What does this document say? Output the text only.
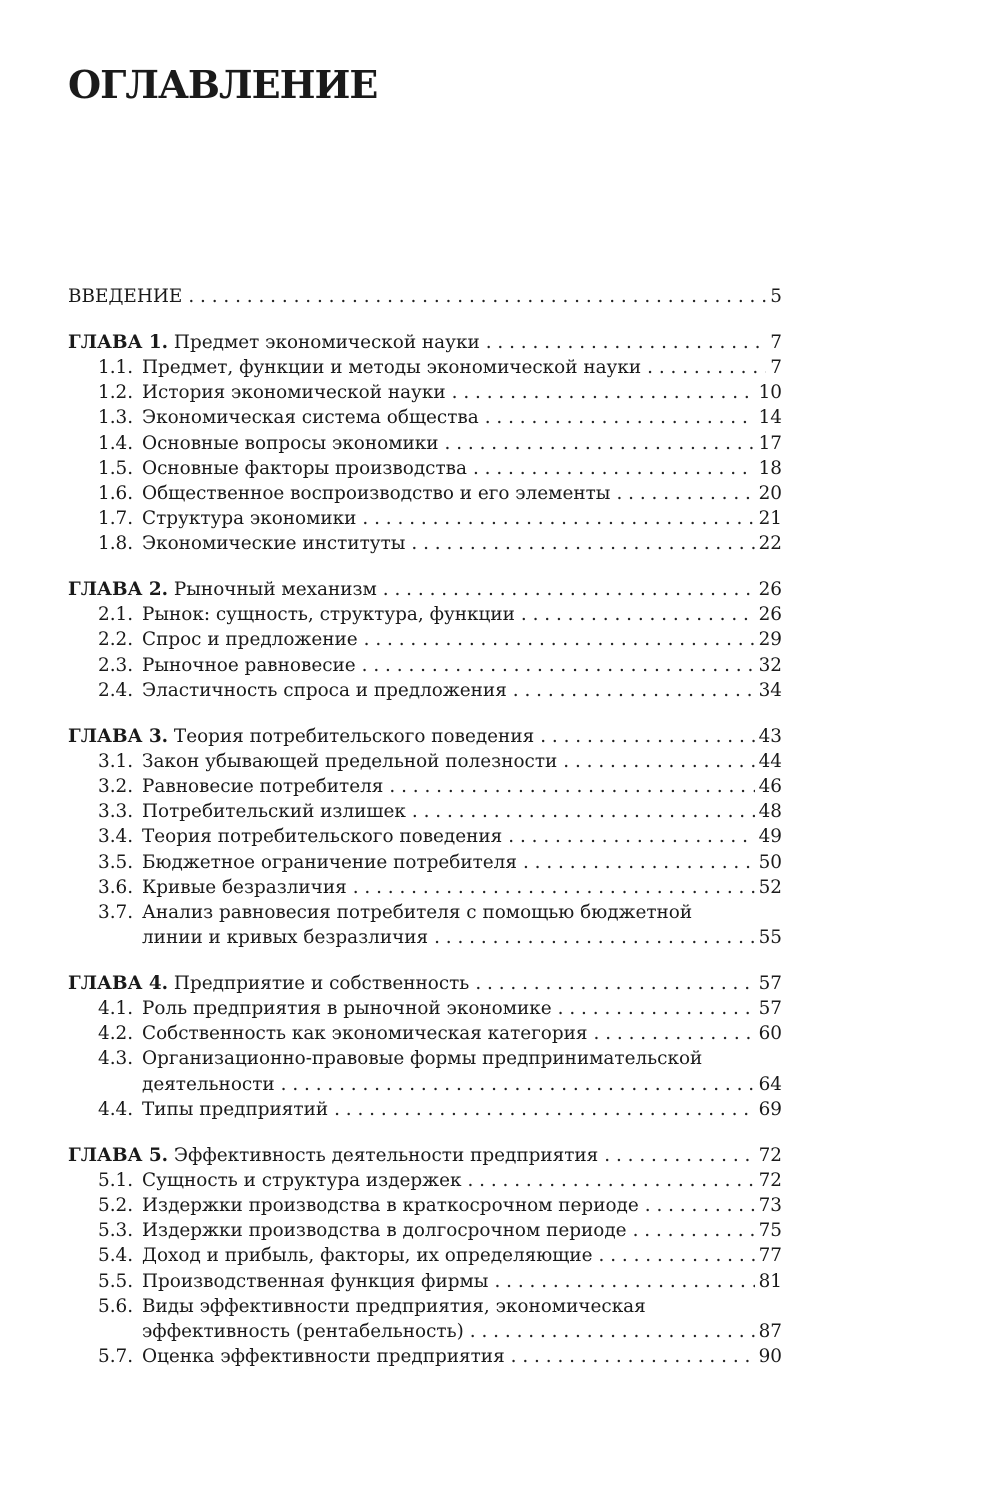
ОГЛАВЛЕНИЕ
ВВЕДЕНИЕ . . .	5
ГЛАВА 1. Предмет экономической науки . . .	7
1.1. Предмет, функции и методы экономической науки . . .	7
1.2. История экономической науки . . .	10
1.3. Экономическая система общества . . .	14
1.4. Основные вопросы экономики . . .	17
1.5. Основные факторы производства . . .	18
1.6. Общественное воспроизводство и его элементы . . .	20
1.7. Структура экономики . . .	21
1.8. Экономические институты . . .	22
ГЛАВА 2. Рыночный механизм . . .	26
2.1. Рынок: сущность, структура, функции . . .	26
2.2. Спрос и предложение . . .	29
2.3. Рыночное равновесие . . .	32
2.4. Эластичность спроса и предложения . . .	34
ГЛАВА 3. Теория потребительского поведения . . .	43
3.1. Закон убывающей предельной полезности . . .	44
3.2. Равновесие потребителя . . .	46
3.3. Потребительский излишек . . .	48
3.4. Теория потребительского поведения . . .	49
3.5. Бюджетное ограничение потребителя . . .	50
3.6. Кривые безразличия . . .	52
3.7. Анализ равновесия потребителя с помощью бюджетной
линии и кривых безразличия . . .	55
ГЛАВА 4. Предприятие и собственность . . .	57
4.1. Роль предприятия в рыночной экономике . . .	57
4.2. Собственность как экономическая категория . . .	60
4.3. Организационно-правовые формы предпринимательской
деятельности . . .	64
4.4. Типы предприятий . . .	69
ГЛАВА 5. Эффективность деятельности предприятия . . .	72
5.1. Сущность и структура издержек . . .	72
5.2. Издержки производства в краткосрочном периоде . . .	73
5.3. Издержки производства в долгосрочном периоде . . .	75
5.4. Доход и прибыль, факторы, их определяющие . . .	77
5.5. Производственная функция фирмы . . .	81
5.6. Виды эффективности предприятия, экономическая
эффективность (рентабельность) . . .	87
5.7. Оценка эффективности предприятия . . .	90
